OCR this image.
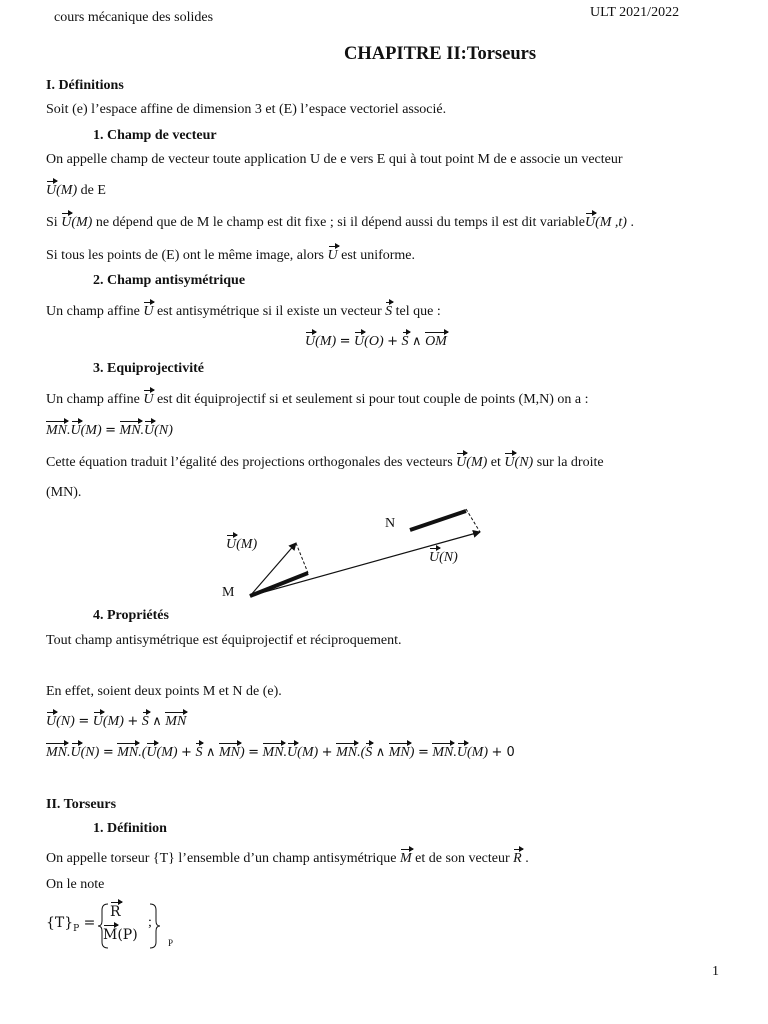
cours mécanique des solides	ULT 2021/2022
CHAPITRE II:Torseurs
I. Définitions
Soit (e) l’espace affine de dimension 3 et (E) l’espace vectoriel associé.
1. Champ de vecteur
On appelle champ de vecteur toute application U de e vers E qui à tout point M de e associe un vecteur
U(M) de E
Si U(M) ne dépend que de M le champ est dit fixe ; si il dépend aussi du temps il est dit variableU(M ,t) .
Si tous les points de (E) ont le même image, alors U est uniforme.
2. Champ antisymétrique
Un champ affine U est antisymétrique si il existe un vecteur S tel que :
U(M) = U(O) + S ∧ OM
3. Equiprojectivité
Un champ affine U est dit équiprojectif si et seulement si pour tout couple de points (M,N) on a :
MN.U(M) = MN.U(N)
Cette équation traduit l’égalité des projections orthogonales des vecteurs U(M) et U(N) sur la droite
(MN).
N
M
U(M)
U(N)
4. Propriétés
Tout champ antisymétrique est équiprojectif et réciproquement.
En effet, soient deux points M et N de (e).
U(N) = U(M) + S ∧ MN
MN.U(N) = MN.(U(M) + S ∧ MN) = MN.U(M) + MN.(S ∧ MN) = MN.U(M) + 0
II. Torseurs
1. Définition
On appelle torseur {T} l’ensemble d’un champ antisymétrique M et de son vecteur R .
On le note
$\{T\}_P$ =
R
M(P)	P
;
1
